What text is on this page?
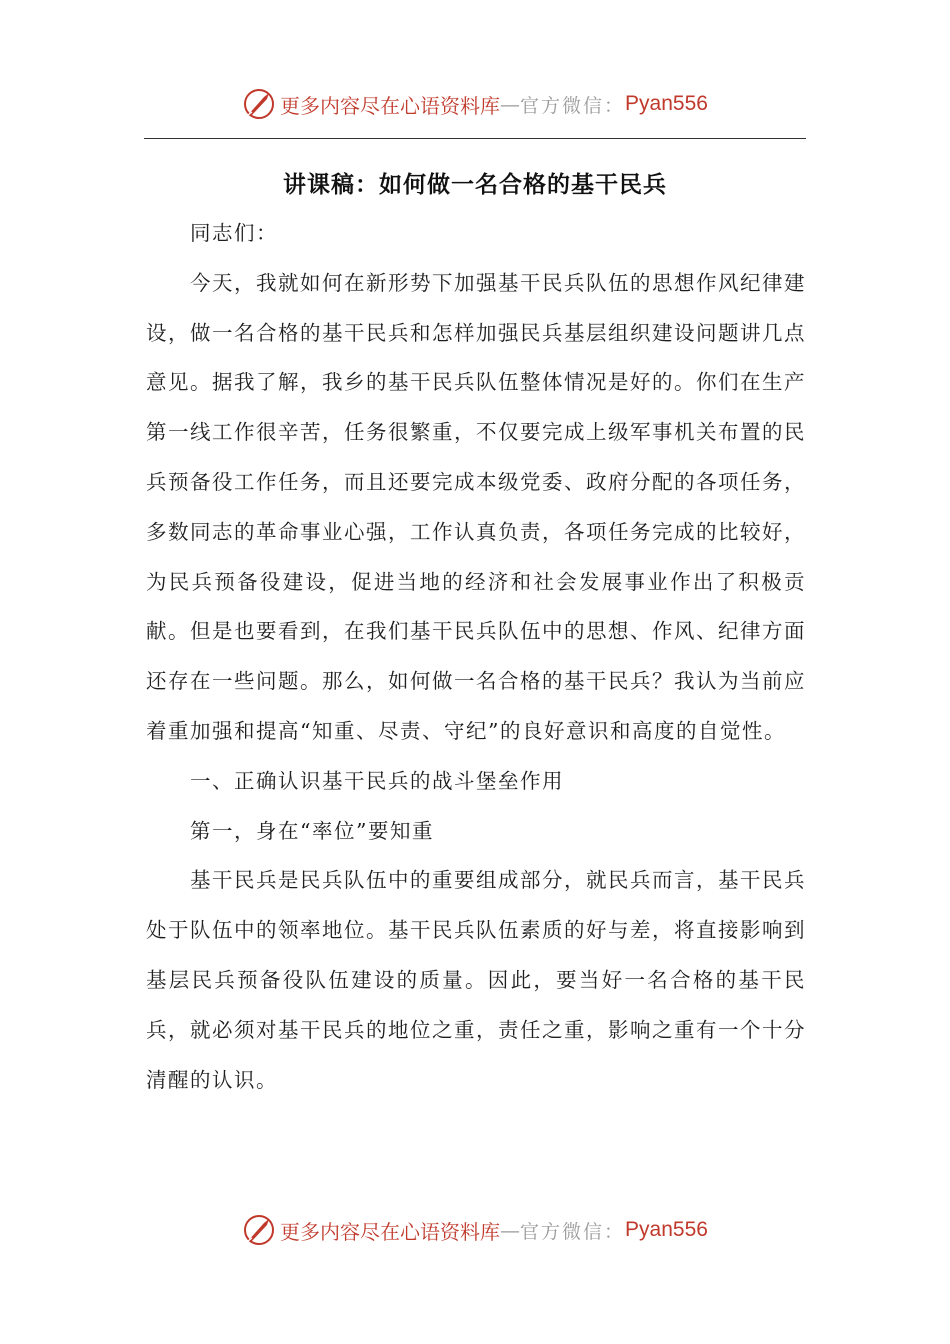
更多内容尽在心语资料库 — 官方微信： Pyan556
讲课稿：如何做一名合格的基干民兵

同志们：

今天，我就如何在新形势下加强基干民兵队伍的思想作风纪律建设，做一名合格的基干民兵和怎样加强民兵基层组织建设问题讲几点意见。据我了解，我乡的基干民兵队伍整体情况是好的。你们在生产第一线工作很辛苦，任务很繁重，不仅要完成上级军事机关布置的民兵预备役工作任务，而且还要完成本级党委、政府分配的各项任务，多数同志的革命事业心强，工作认真负责，各项任务完成的比较好，为民兵预备役建设，促进当地的经济和社会发展事业作出了积极贡献。但是也要看到，在我们基干民兵队伍中的思想、作风、纪律方面还存在一些问题。那么，如何做一名合格的基干民兵？我认为当前应着重加强和提高“知重、尽责、守纪”的良好意识和高度的自觉性。

一、正确认识基干民兵的战斗堡垒作用

第一，身在“率位”要知重

基干民兵是民兵队伍中的重要组成部分，就民兵而言，基干民兵处于队伍中的领率地位。基干民兵队伍素质的好与差，将直接影响到基层民兵预备役队伍建设的质量。因此，要当好一名合格的基干民兵，就必须对基干民兵的地位之重，责任之重，影响之重有一个十分清醒的认识。

更多内容尽在心语资料库 — 官方微信： Pyan556
